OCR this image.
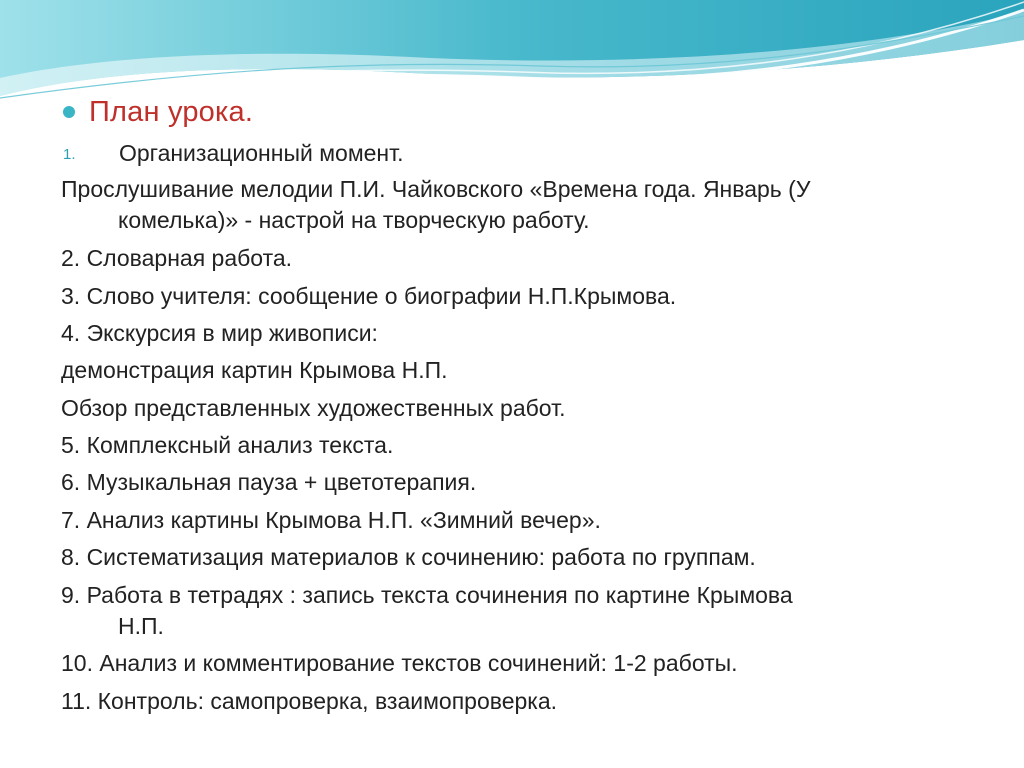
План урока.
1. Организационный момент.
Прослушивание мелодии П.И. Чайковского «Времена года. Январь (У
комелька)» - настрой на творческую работу.
2. Словарная работа.
3. Слово учителя: сообщение о биографии Н.П.Крымова.
4. Экскурсия в мир живописи:
демонстрация картин Крымова Н.П.
Обзор представленных художественных работ.
5. Комплексный анализ текста.
6. Музыкальная пауза + цветотерапия.
7. Анализ картины Крымова Н.П. «Зимний вечер».
8. Систематизация материалов к сочинению: работа по группам.
9. Работа в тетрадях : запись текста сочинения по картине Крымова
Н.П.
10. Анализ и комментирование текстов сочинений: 1-2 работы.
11. Контроль: самопроверка, взаимопроверка.
